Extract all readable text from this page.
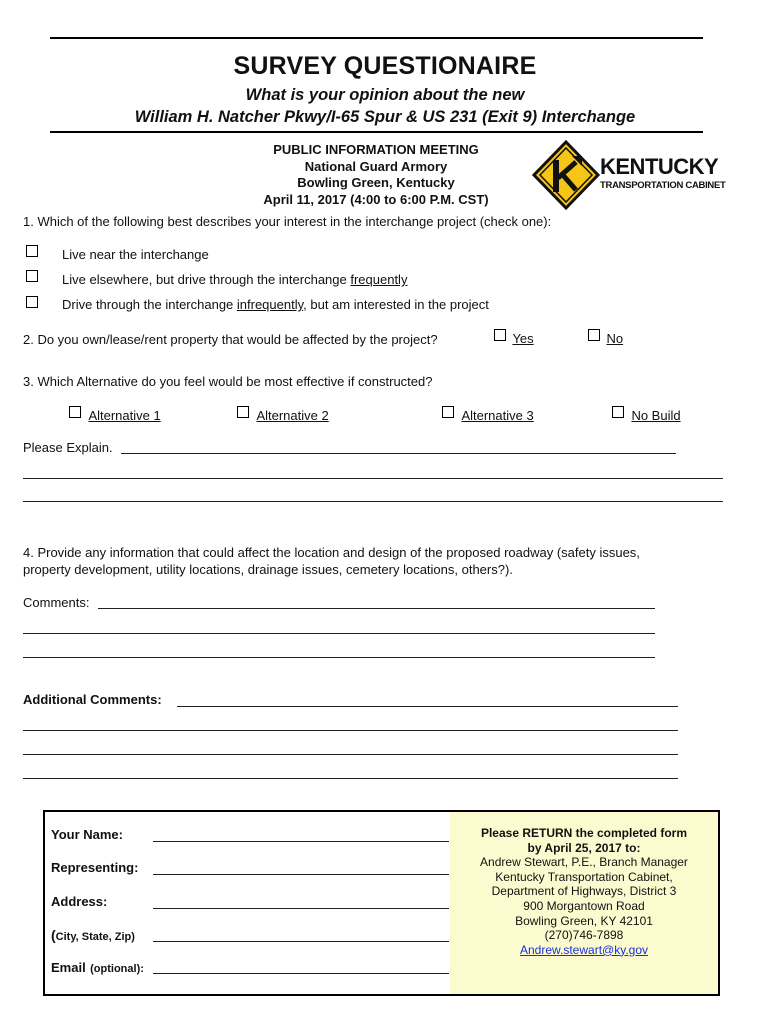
SURVEY QUESTIONAIRE
What is your opinion about the new
William H. Natcher Pkwy/I-65 Spur & US 231 (Exit 9) Interchange
PUBLIC INFORMATION MEETING
National Guard Armory
Bowling Green, Kentucky
April 11, 2017 (4:00 to 6:00 P.M. CST)
KENTUCKY
TRANSPORTATION CABINET
1. Which of the following best describes your interest in the interchange project (check one):
Live near the interchange
Live elsewhere, but drive through the interchange frequently
Drive through the interchange infrequently, but am interested in the project
2. Do you own/lease/rent property that would be affected by the project?	Yes	No
3. Which Alternative do you feel would be most effective if constructed?
Alternative 1	Alternative 2	Alternative 3	No Build
Please Explain.
4. Provide any information that could affect the location and design of the proposed roadway (safety issues,
property development, utility locations, drainage issues, cemetery locations, others?).
Comments:
Additional Comments:
Your Name:
Representing:
Address:
(City, State, Zip)
Email (optional):
Please RETURN the completed form
by April 25, 2017 to:
Andrew Stewart, P.E., Branch Manager
Kentucky Transportation Cabinet,
Department of Highways, District 3
900 Morgantown Road
Bowling Green, KY 42101
(270)746-7898
Andrew.stewart@ky.gov
